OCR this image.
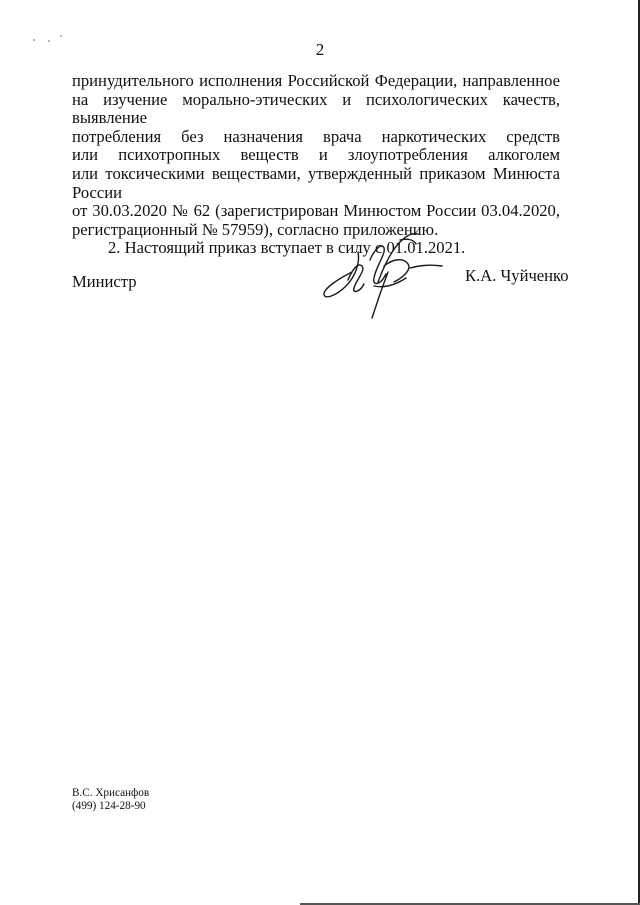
2
принудительного исполнения Российской Федерации, направленное
на изучение морально-этических и психологических качеств, выявление
потребления без назначения врача наркотических средств
или психотропных веществ и злоупотребления алкоголем
или токсическими веществами, утвержденный приказом Минюста России
от 30.03.2020 № 62 (зарегистрирован Минюстом России 03.04.2020,
регистрационный № 57959), согласно приложению.
2. Настоящий приказ вступает в силу с 01.01.2021.
Министр	К.А. Чуйченко
В.С. Хрисанфов
(499) 124-28-90
